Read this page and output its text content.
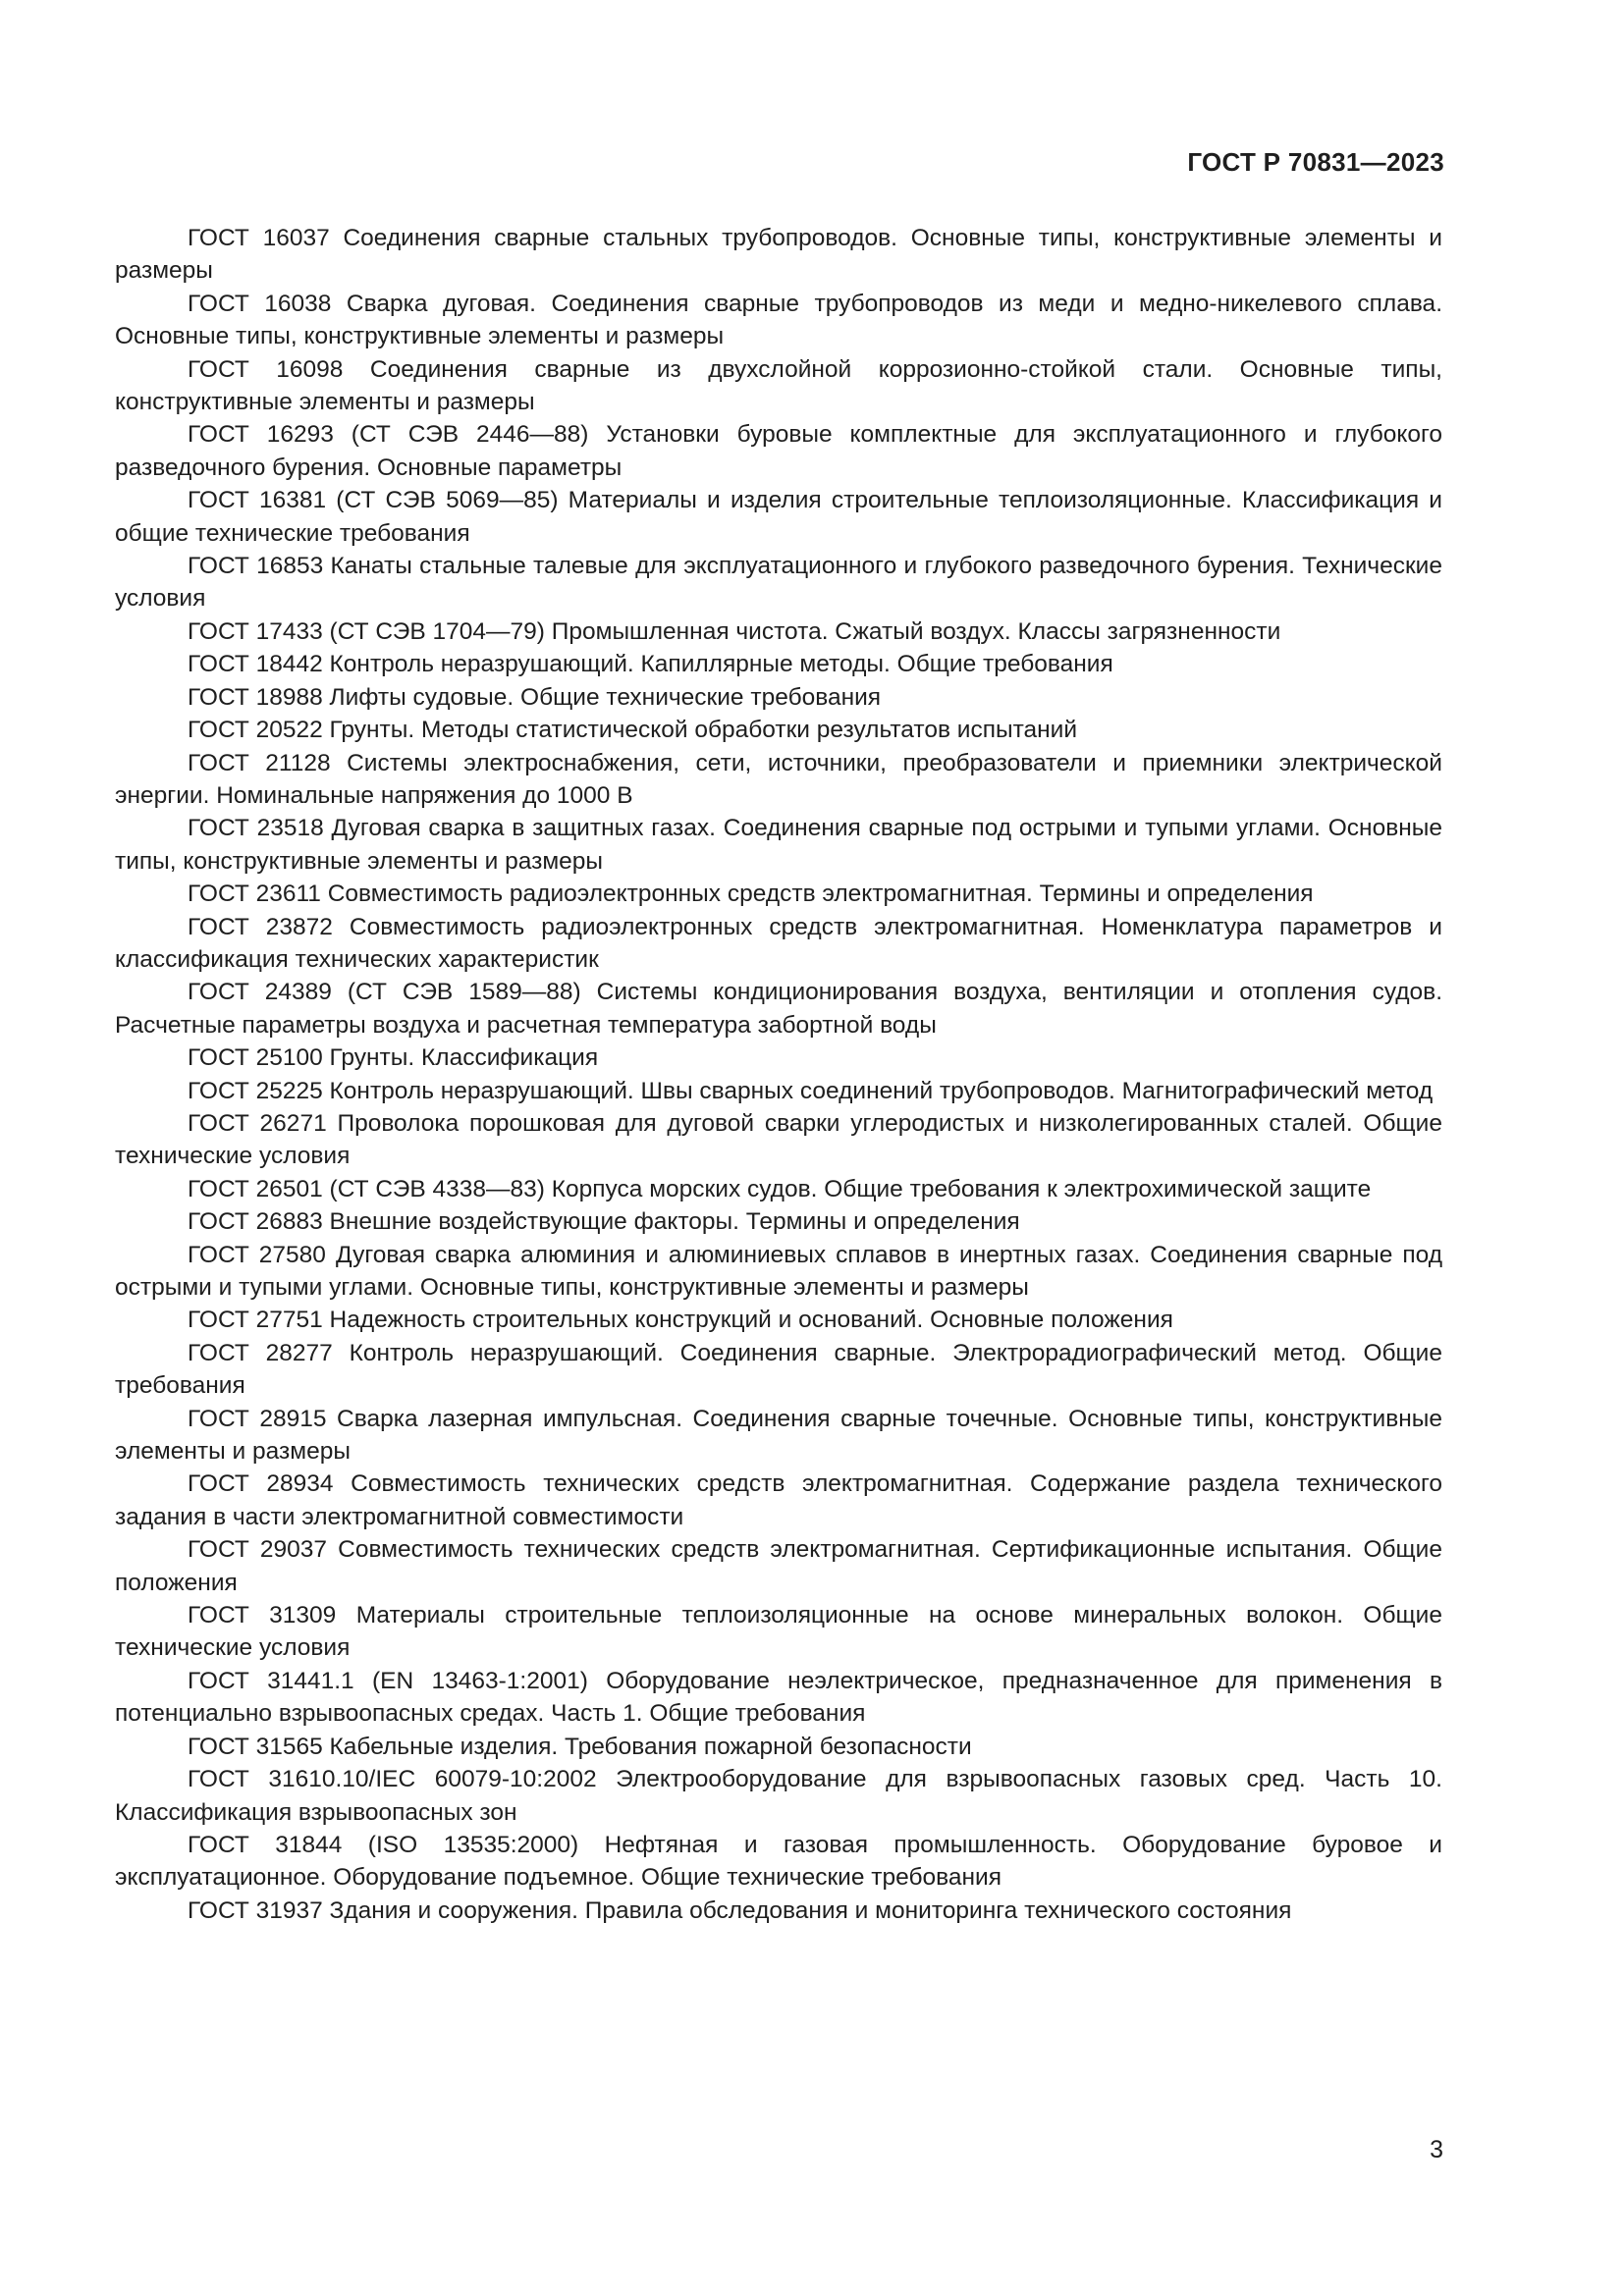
ГОСТ Р 70831—2023

ГОСТ 16037 Соединения сварные стальных трубопроводов. Основные типы, конструктивные элементы и размеры

ГОСТ 16038 Сварка дуговая. Соединения сварные трубопроводов из меди и медно-никелевого сплава. Основные типы, конструктивные элементы и размеры

ГОСТ 16098 Соединения сварные из двухслойной коррозионно-стойкой стали. Основные типы, конструктивные элементы и размеры

ГОСТ 16293 (СТ СЭВ 2446—88) Установки буровые комплектные для эксплуатационного и глубокого разведочного бурения. Основные параметры

ГОСТ 16381 (СТ СЭВ 5069—85) Материалы и изделия строительные теплоизоляционные. Классификация и общие технические требования

ГОСТ 16853 Канаты стальные талевые для эксплуатационного и глубокого разведочного бурения. Технические условия

ГОСТ 17433 (СТ СЭВ 1704—79) Промышленная чистота. Сжатый воздух. Классы загрязненности

ГОСТ 18442 Контроль неразрушающий. Капиллярные методы. Общие требования

ГОСТ 18988 Лифты судовые. Общие технические требования

ГОСТ 20522 Грунты. Методы статистической обработки результатов испытаний

ГОСТ 21128 Системы электроснабжения, сети, источники, преобразователи и приемники электрической энергии. Номинальные напряжения до 1000 В

ГОСТ 23518 Дуговая сварка в защитных газах. Соединения сварные под острыми и тупыми углами. Основные типы, конструктивные элементы и размеры

ГОСТ 23611 Совместимость радиоэлектронных средств электромагнитная. Термины и определения

ГОСТ 23872 Совместимость радиоэлектронных средств электромагнитная. Номенклатура параметров и классификация технических характеристик

ГОСТ 24389 (СТ СЭВ 1589—88) Системы кондиционирования воздуха, вентиляции и отопления судов. Расчетные параметры воздуха и расчетная температура забортной воды

ГОСТ 25100 Грунты. Классификация

ГОСТ 25225 Контроль неразрушающий. Швы сварных соединений трубопроводов. Магнитографический метод

ГОСТ 26271 Проволока порошковая для дуговой сварки углеродистых и низколегированных сталей. Общие технические условия

ГОСТ 26501 (СТ СЭВ 4338—83) Корпуса морских судов. Общие требования к электрохимической защите

ГОСТ 26883 Внешние воздействующие факторы. Термины и определения

ГОСТ 27580 Дуговая сварка алюминия и алюминиевых сплавов в инертных газах. Соединения сварные под острыми и тупыми углами. Основные типы, конструктивные элементы и размеры

ГОСТ 27751 Надежность строительных конструкций и оснований. Основные положения

ГОСТ 28277 Контроль неразрушающий. Соединения сварные. Электрорадиографический метод. Общие требования

ГОСТ 28915 Сварка лазерная импульсная. Соединения сварные точечные. Основные типы, конструктивные элементы и размеры

ГОСТ 28934 Совместимость технических средств электромагнитная. Содержание раздела технического задания в части электромагнитной совместимости

ГОСТ 29037 Совместимость технических средств электромагнитная. Сертификационные испытания. Общие положения

ГОСТ 31309 Материалы строительные теплоизоляционные на основе минеральных волокон. Общие технические условия

ГОСТ 31441.1 (EN 13463-1:2001) Оборудование неэлектрическое, предназначенное для применения в потенциально взрывоопасных средах. Часть 1. Общие требования

ГОСТ 31565 Кабельные изделия. Требования пожарной безопасности

ГОСТ 31610.10/IEC 60079-10:2002 Электрооборудование для взрывоопасных газовых сред. Часть 10. Классификация взрывоопасных зон

ГОСТ 31844 (ISO 13535:2000) Нефтяная и газовая промышленность. Оборудование буровое и эксплуатационное. Оборудование подъемное. Общие технические требования

ГОСТ 31937 Здания и сооружения. Правила обследования и мониторинга технического состояния

3
